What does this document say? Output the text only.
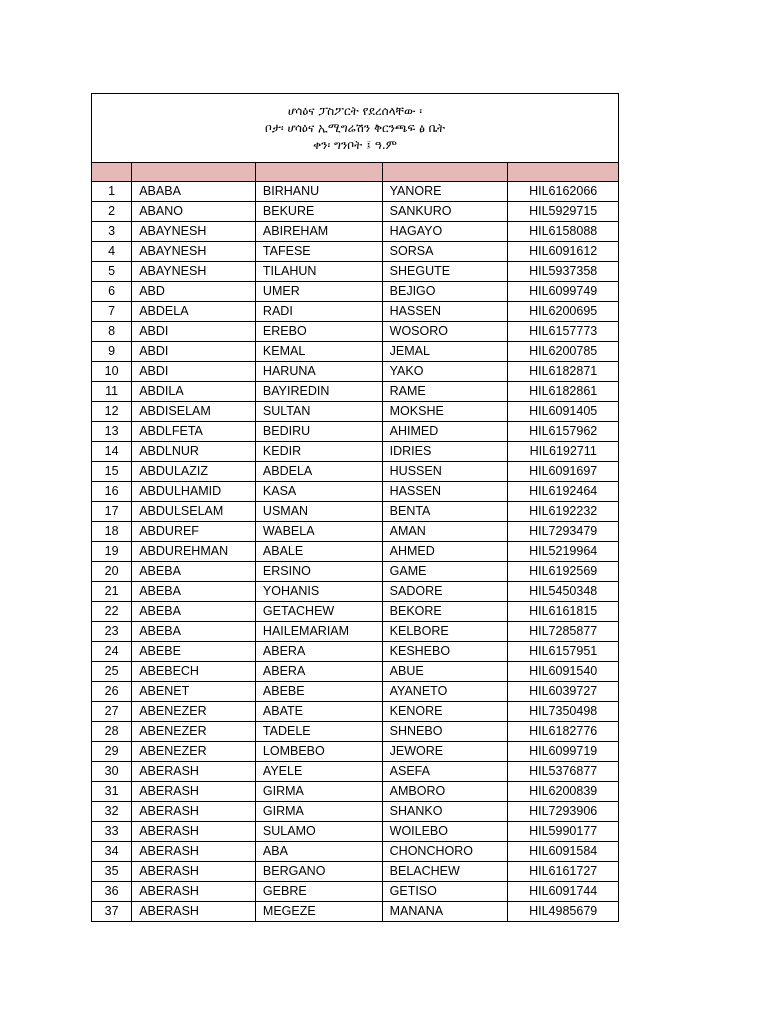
ሆሳዕና ፓስፖርት የደረሰላቸው ፡
ቦታ፡ ሆሳዕና ኢሚግሬሽን ቅርንጫፍ ፅ ቤት
ቀን፡ ግንቦት ፤ ዓ.ም				

1	ABABA	BIRHANU	YANORE	HIL6162066
2	ABANO	BEKURE	SANKURO	HIL5929715
3	ABAYNESH	ABIREHAM	HAGAYO	HIL6158088
4	ABAYNESH	TAFESE	SORSA	HIL6091612
5	ABAYNESH	TILAHUN	SHEGUTE	HIL5937358
6	ABD	UMER	BEJIGO	HIL6099749
7	ABDELA	RADI	HASSEN	HIL6200695
8	ABDI	EREBO	WOSORO	HIL6157773
9	ABDI	KEMAL	JEMAL	HIL6200785
10	ABDI	HARUNA	YAKO	HIL6182871
11	ABDILA	BAYIREDIN	RAME	HIL6182861
12	ABDISELAM	SULTAN	MOKSHE	HIL6091405
13	ABDLFETA	BEDIRU	AHIMED	HIL6157962
14	ABDLNUR	KEDIR	IDRIES	HIL6192711
15	ABDULAZIZ	ABDELA	HUSSEN	HIL6091697
16	ABDULHAMID	KASA	HASSEN	HIL6192464
17	ABDULSELAM	USMAN	BENTA	HIL6192232
18	ABDUREF	WABELA	AMAN	HIL7293479
19	ABDUREHMAN	ABALE	AHMED	HIL5219964
20	ABEBA	ERSINO	GAME	HIL6192569
21	ABEBA	YOHANIS	SADORE	HIL5450348
22	ABEBA	GETACHEW	BEKORE	HIL6161815
23	ABEBA	HAILEMARIAM	KELBORE	HIL7285877
24	ABEBE	ABERA	KESHEBO	HIL6157951
25	ABEBECH	ABERA	ABUE	HIL6091540
26	ABENET	ABEBE	AYANETO	HIL6039727
27	ABENEZER	ABATE	KENORE	HIL7350498
28	ABENEZER	TADELE	SHNEBO	HIL6182776
29	ABENEZER	LOMBEBO	JEWORE	HIL6099719
30	ABERASH	AYELE	ASEFA	HIL5376877
31	ABERASH	GIRMA	AMBORO	HIL6200839
32	ABERASH	GIRMA	SHANKO	HIL7293906
33	ABERASH	SULAMO	WOILEBO	HIL5990177
34	ABERASH	ABA	CHONCHORO	HIL6091584
35	ABERASH	BERGANO	BELACHEW	HIL6161727
36	ABERASH	GEBRE	GETISO	HIL6091744
37	ABERASH	MEGEZE	MANANA	HIL4985679
